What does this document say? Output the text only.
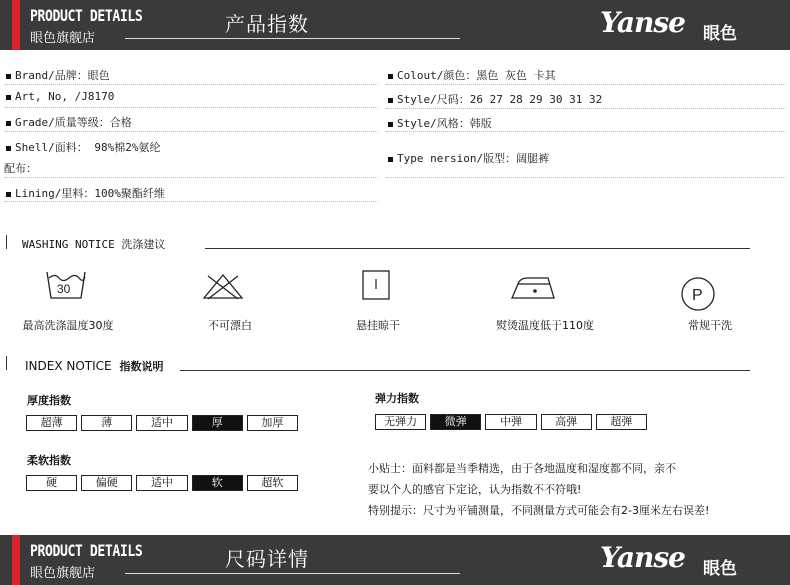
PRODUCT DETAILS
眼色旗舰店
产品指数	Yanse 眼色
Brand/品牌：眼色
Art, No, /J8170
Grade/质量等级：合格
Shell/面料： 98%棉2%氨纶
配布：
Lining/里料：100%聚酯纤维
Colout/颜色：黑色 灰色 卡其
Style/尺码：26 27 28 29 30 31 32
Style/风格：韩版
Type nersion/版型：阔腿裤
WASHING NOTICE 洗涤建议
30	P
最高洗涤温度30度	不可漂白	悬挂晾干	熨烫温度低于110度	常规干洗
INDEX NOTICE 指数说明
厚度指数
超薄	薄	适中	厚	加厚
柔软指数
硬	偏硬	适中	软	超软
弹力指数
无弹力	微弹	中弹	高弹	超弹
小贴士：面料都是当季精选，由于各地温度和湿度都不同，亲不
要以个人的感官下定论，认为指数不不符哦!
特别提示：尺寸为平铺测量，不同测量方式可能会有2-3厘米左右误差!
PRODUCT DETAILS
眼色旗舰店
尺码详情	Yanse 眼色
